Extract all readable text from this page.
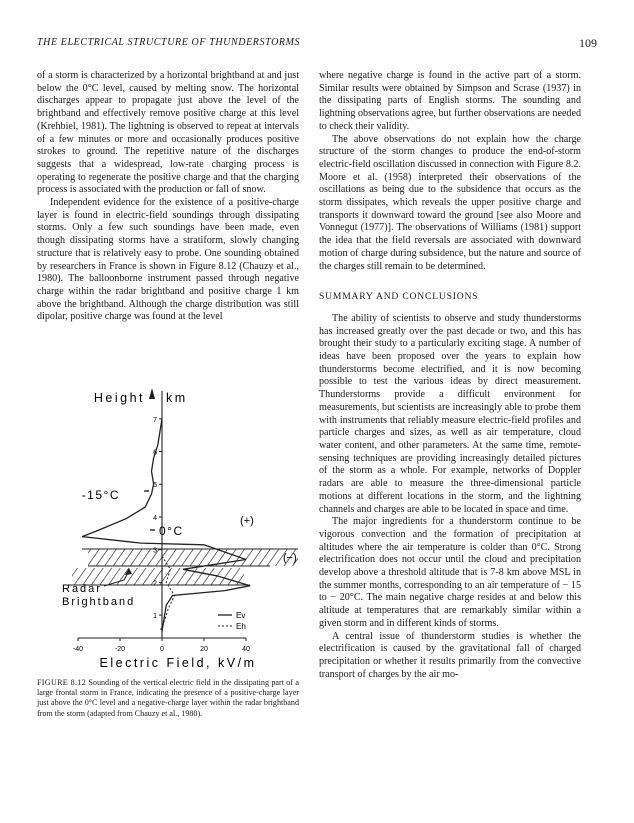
THE ELECTRICAL STRUCTURE OF THUNDERSTORMS	109

of a storm is characterized by a horizontal brightband at and just below the 0°C level, caused by melting snow. The horizontal discharges appear to propagate just above the level of the brightband and effectively remove positive charge at this level (Krehbiel, 1981). The lightning is observed to repeat at intervals of a few minutes or more and occasionally produces positive strokes to ground. The repetitive nature of the discharges suggests that a widespread, low-rate charging process is operating to regenerate the positive charge and that the charging process is associated with the production or fall of snow.

Independent evidence for the existence of a positive-charge layer is found in electric-field soundings through dissipating storms. Only a few such soundings have been made, even though dissipating storms have a stratiform, slowly changing structure that is relatively easy to probe. One sounding obtained by researchers in France is shown in Figure 8.12 (Chauzy et al., 1980). The balloonborne instrument passed through negative charge within the radar brightband and positive charge 1 km above the brightband. Although the charge distribution was still dipolar, positive charge was found at the level

Height km
1
2
3
4
5
6
7
-40	-20	0	20	40
-15°C
0°C
(+)
(−)
Radar
Brightband
Ev
Eh
Electric Field, kV/m
FIGURE 8.12 Sounding of the vertical electric field in the dissipating part of a large frontal storm in France, indicating the presence of a positive-charge layer just above the 0°C level and a negative-charge layer within the radar brightband from the storm (adapted from Chauzy et al., 1980).

where negative charge is found in the active part of a storm. Similar results were obtained by Simpson and Scrase (1937) in the dissipating parts of English storms. The sounding and lightning observations agree, but further observations are needed to check their validity.

The above observations do not explain how the charge structure of the storm changes to produce the end-of-storm electric-field oscillation discussed in connection with Figure 8.2. Moore et al. (1958) interpreted their observations of the oscillations as being due to the subsidence that occurs as the storm dissipates, which reveals the upper positive charge and transports it downward toward the ground [see also Moore and Vonnegut (1977)]. The observations of Williams (1981) support the idea that the field reversals are associated with downward motion of charge during subsidence, but the nature and source of the charges still remain to be determined.

SUMMARY AND CONCLUSIONS

The ability of scientists to observe and study thunderstorms has increased greatly over the past decade or two, and this has brought their study to a particularly exciting stage. A number of ideas have been proposed over the years to explain how thunderstorms become electrified, and it is now becoming possible to test the various ideas by direct measurement. Thunderstorms provide a difficult environment for measurements, but scientists are increasingly able to probe them with instruments that reliably measure electric-field profiles and particle charges and sizes, as well as air temperature, cloud water content, and other parameters. At the same time, remote-sensing techniques are providing increasingly detailed pictures of the storm as a whole. For example, networks of Doppler radars are able to measure the three-dimensional particle motions at different locations in the storm, and the lightning channels and charges are able to be located in space and time.

The major ingredients for a thunderstorm continue to be vigorous convection and the formation of precipitation at altitudes where the air temperature is colder than 0°C. Strong electrification does not occur until the cloud and precipitation develop above a threshold altitude that is 7-8 km above MSL in the summer months, corresponding to an air temperature of − 15 to − 20°C. The main negative charge resides at and below this altitude at temperatures that are remarkably similar within a given storm and in different kinds of storms.

A central issue of thunderstorm studies is whether the electrification is caused by the gravitational fall of charged precipitation or whether it results primarily from the convective transport of charges by the air mo-
